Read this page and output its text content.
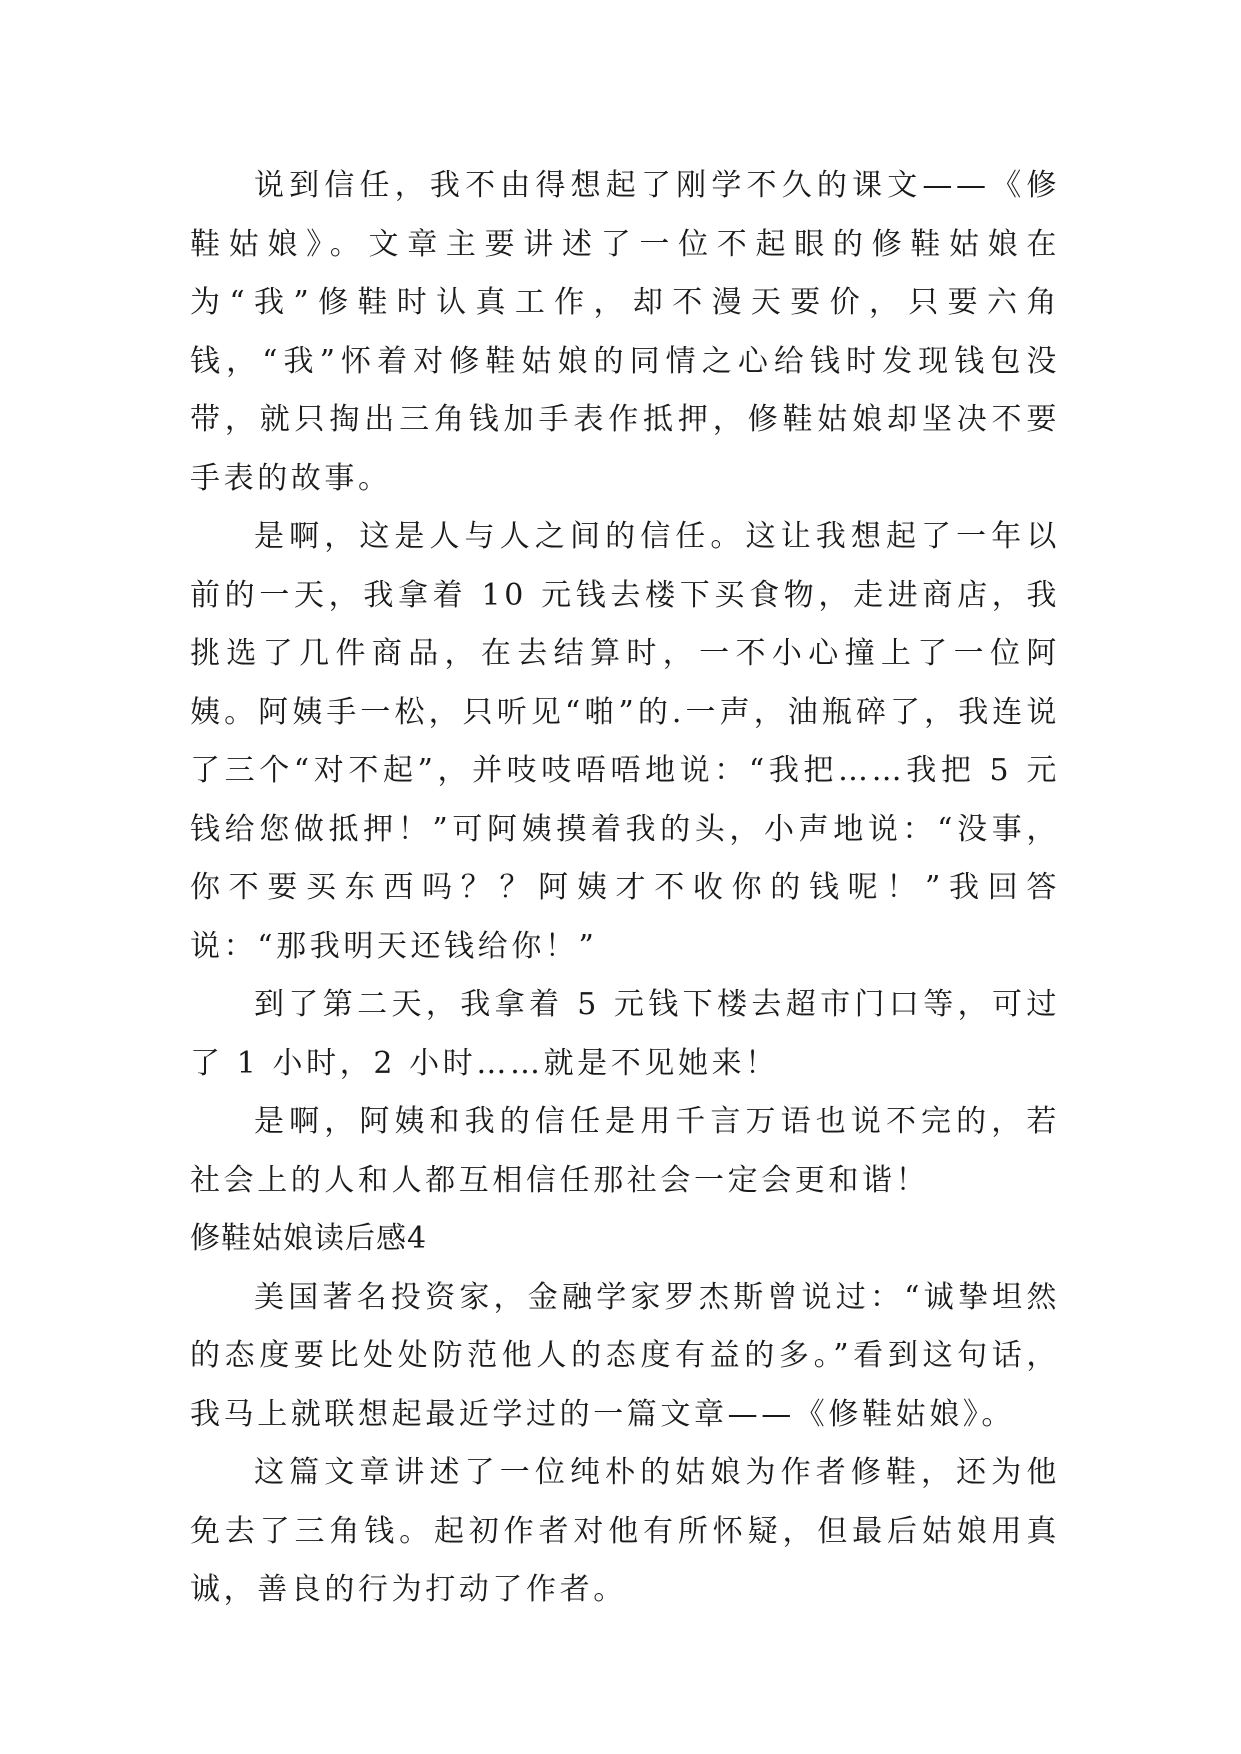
说到信任，我不由得想起了刚学不久的课文——《修鞋姑娘》。文章主要讲述了一位不起眼的修鞋姑娘在为“我”修鞋时认真工作，却不漫天要价，只要六角钱，“我”怀着对修鞋姑娘的同情之心给钱时发现钱包没带，就只掏出三角钱加手表作抵押，修鞋姑娘却坚决不要手表的故事。

是啊，这是人与人之间的信任。这让我想起了一年以前的一天，我拿着 10 元钱去楼下买食物，走进商店，我挑选了几件商品，在去结算时，一不小心撞上了一位阿姨。阿姨手一松，只听见“啪”的.一声，油瓶碎了，我连说了三个“对不起”，并吱吱唔唔地说：“我把……我把 5 元钱给您做抵押！”可阿姨摸着我的头，小声地说：“没事，你不要买东西吗？？阿姨才不收你的钱呢！”我回答说：“那我明天还钱给你！”

到了第二天，我拿着 5 元钱下楼去超市门口等，可过了 1 小时，2 小时……就是不见她来！

是啊，阿姨和我的信任是用千言万语也说不完的，若社会上的人和人都互相信任那社会一定会更和谐！

修鞋姑娘读后感4

美国著名投资家，金融学家罗杰斯曾说过：“诚挚坦然的态度要比处处防范他人的态度有益的多。”看到这句话，我马上就联想起最近学过的一篇文章——《修鞋姑娘》。

这篇文章讲述了一位纯朴的姑娘为作者修鞋，还为他免去了三角钱。起初作者对他有所怀疑，但最后姑娘用真诚，善良的行为打动了作者。
